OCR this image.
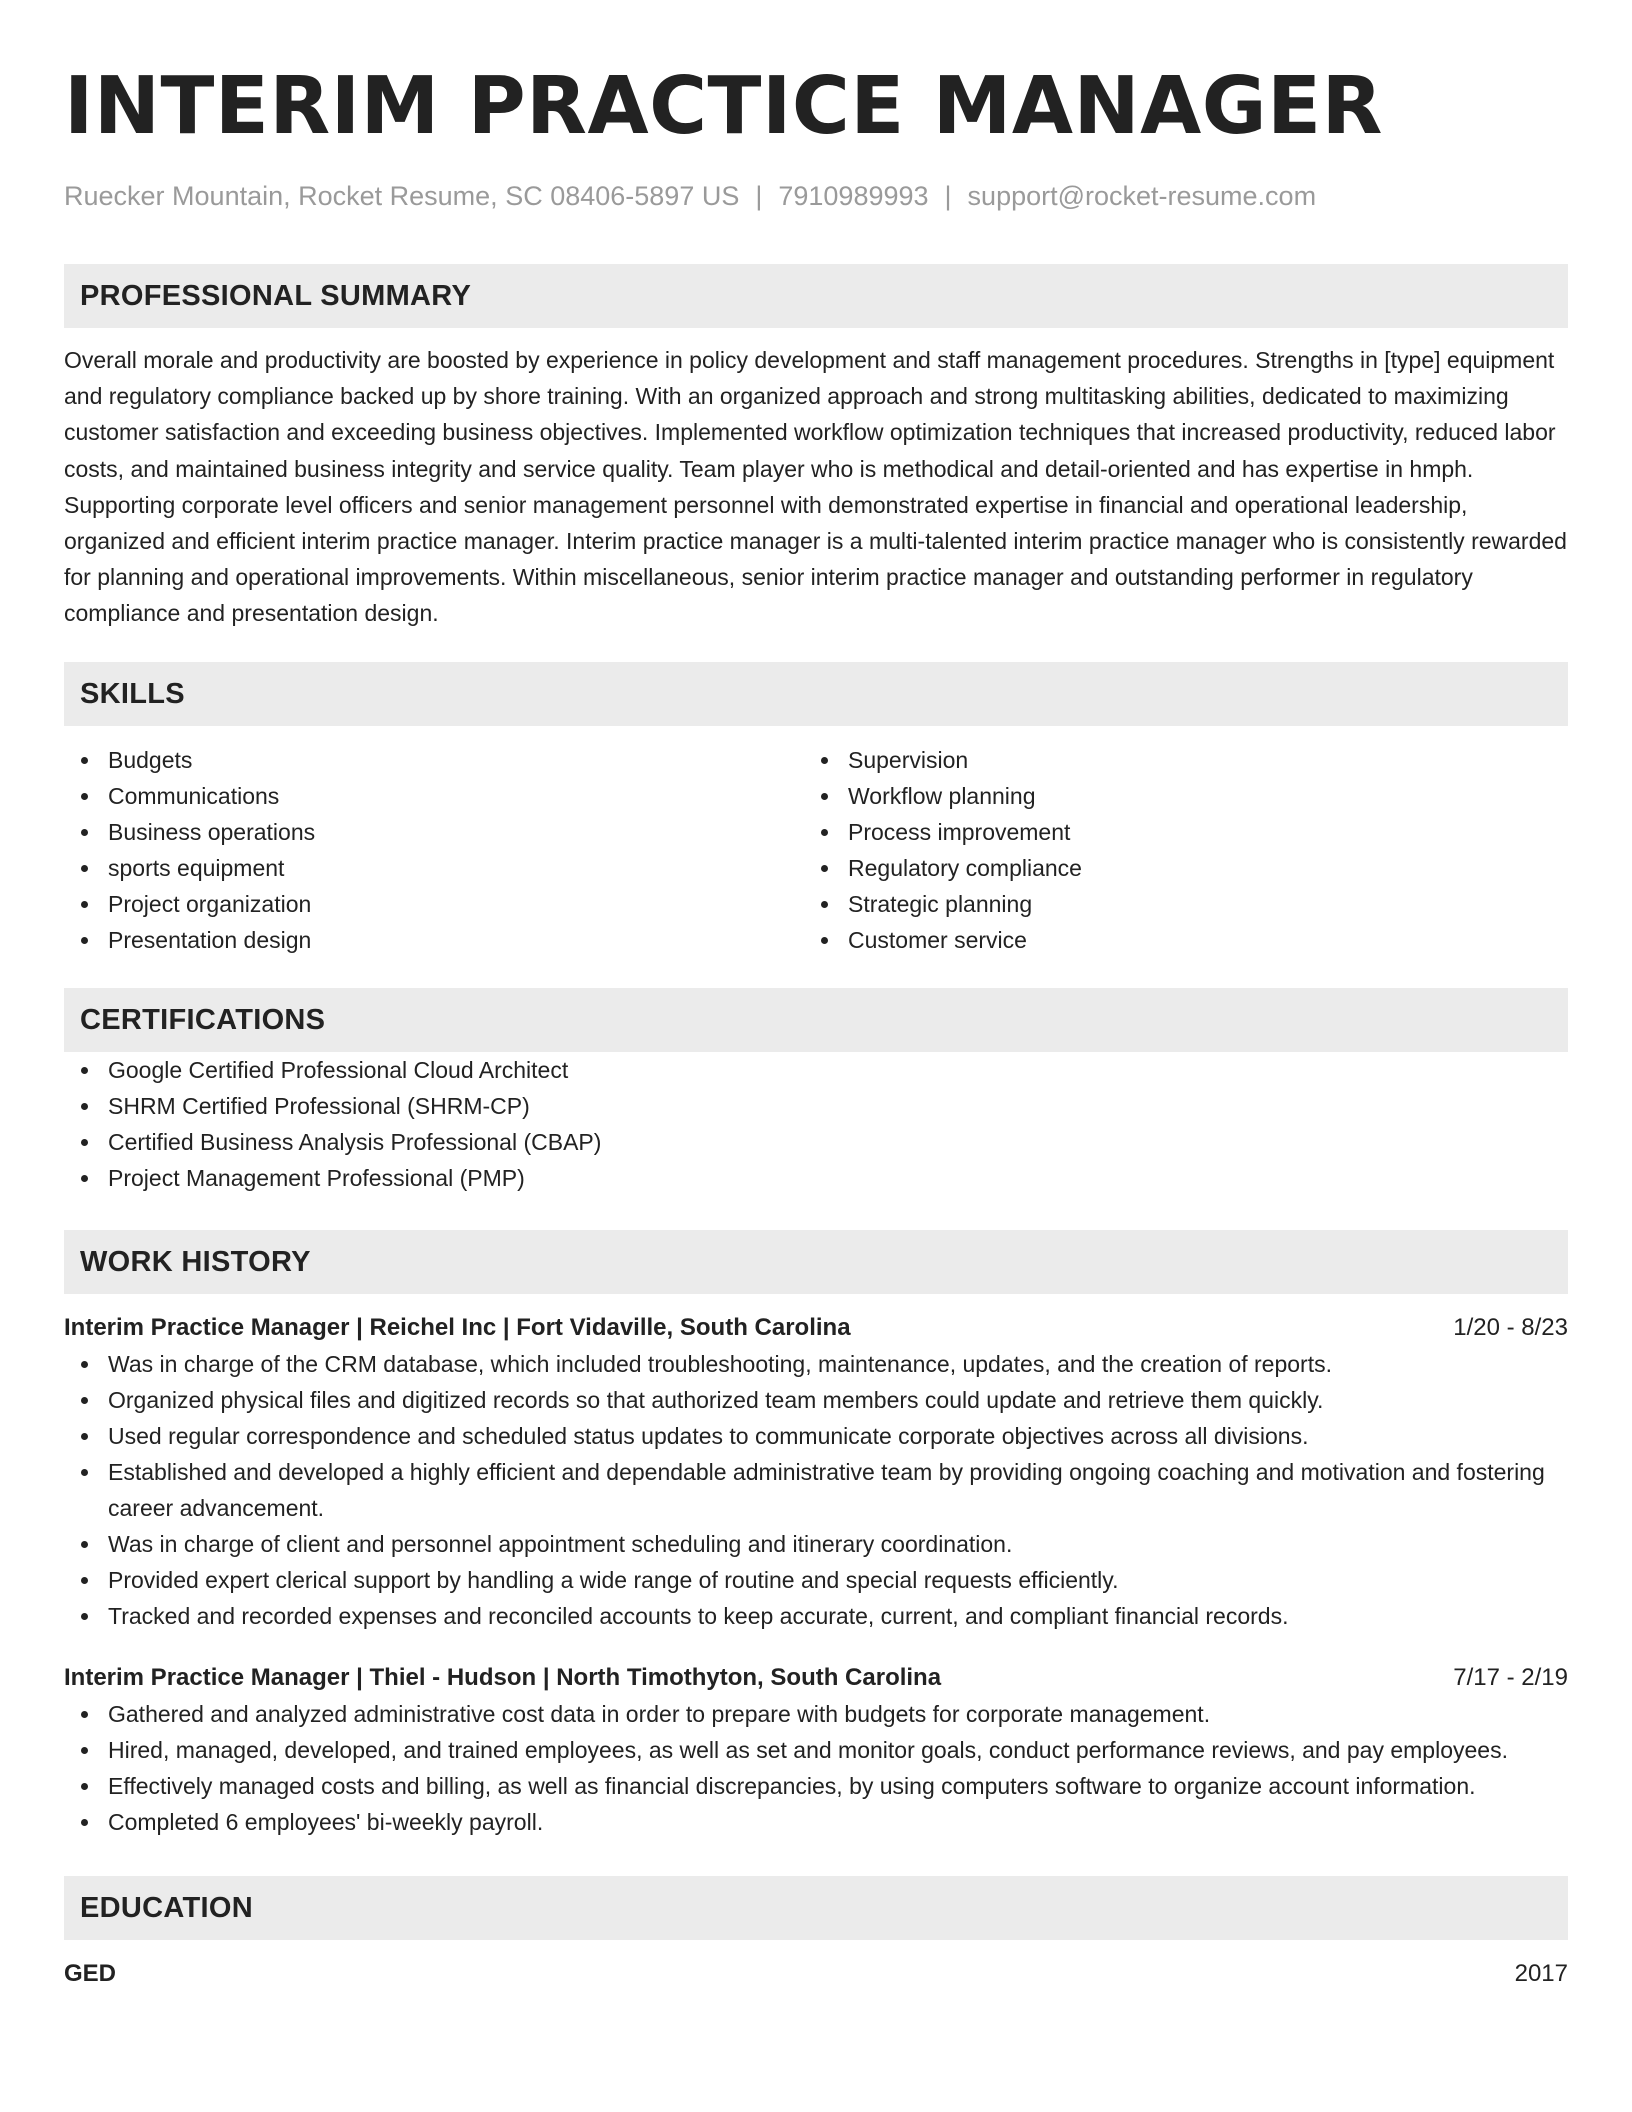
INTERIM PRACTICE MANAGER
Ruecker Mountain, Rocket Resume, SC 08406-5897 US | 7910989993 | support@rocket-resume.com
PROFESSIONAL SUMMARY

Overall morale and productivity are boosted by experience in policy development and staff management procedures. Strengths in [type] equipment and regulatory compliance backed up by shore training. With an organized approach and strong multitasking abilities, dedicated to maximizing customer satisfaction and exceeding business objectives. Implemented workflow optimization techniques that increased productivity, reduced labor costs, and maintained business integrity and service quality. Team player who is methodical and detail-oriented and has expertise in hmph. Supporting corporate level officers and senior management personnel with demonstrated expertise in financial and operational leadership, organized and efficient interim practice manager. Interim practice manager is a multi-talented interim practice manager who is consistently rewarded for planning and operational improvements. Within miscellaneous, senior interim practice manager and outstanding performer in regulatory compliance and presentation design.

SKILLS
Budgets
Communications
Business operations
sports equipment
Project organization
Presentation design
Supervision
Workflow planning
Process improvement
Regulatory compliance
Strategic planning
Customer service
CERTIFICATIONS
Google Certified Professional Cloud Architect
SHRM Certified Professional (SHRM-CP)
Certified Business Analysis Professional (CBAP)
Project Management Professional (PMP)
WORK HISTORY
Interim Practice Manager | Reichel Inc | Fort Vidaville, South Carolina	1/20 - 8/23
Was in charge of the CRM database, which included troubleshooting, maintenance, updates, and the creation of reports.
Organized physical files and digitized records so that authorized team members could update and retrieve them quickly.
Used regular correspondence and scheduled status updates to communicate corporate objectives across all divisions.
Established and developed a highly efficient and dependable administrative team by providing ongoing coaching and motivation and fostering career advancement.
Was in charge of client and personnel appointment scheduling and itinerary coordination.
Provided expert clerical support by handling a wide range of routine and special requests efficiently.
Tracked and recorded expenses and reconciled accounts to keep accurate, current, and compliant financial records.
Interim Practice Manager | Thiel - Hudson | North Timothyton, South Carolina	7/17 - 2/19
Gathered and analyzed administrative cost data in order to prepare with budgets for corporate management.
Hired, managed, developed, and trained employees, as well as set and monitor goals, conduct performance reviews, and pay employees.
Effectively managed costs and billing, as well as financial discrepancies, by using computers software to organize account information.
Completed 6 employees' bi-weekly payroll.
EDUCATION
GED	2017
